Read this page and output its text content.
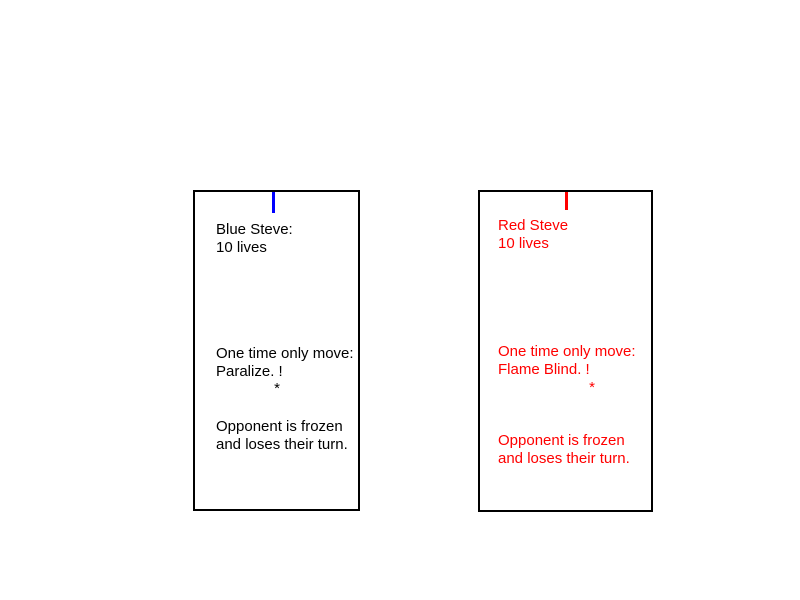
Blue Steve:
10 lives
One time only move:
Paralize. !
*
Opponent is frozen
and loses their turn.
Red Steve
10 lives
One time only move:
Flame Blind. !
*
Opponent is frozen
and loses their turn.
